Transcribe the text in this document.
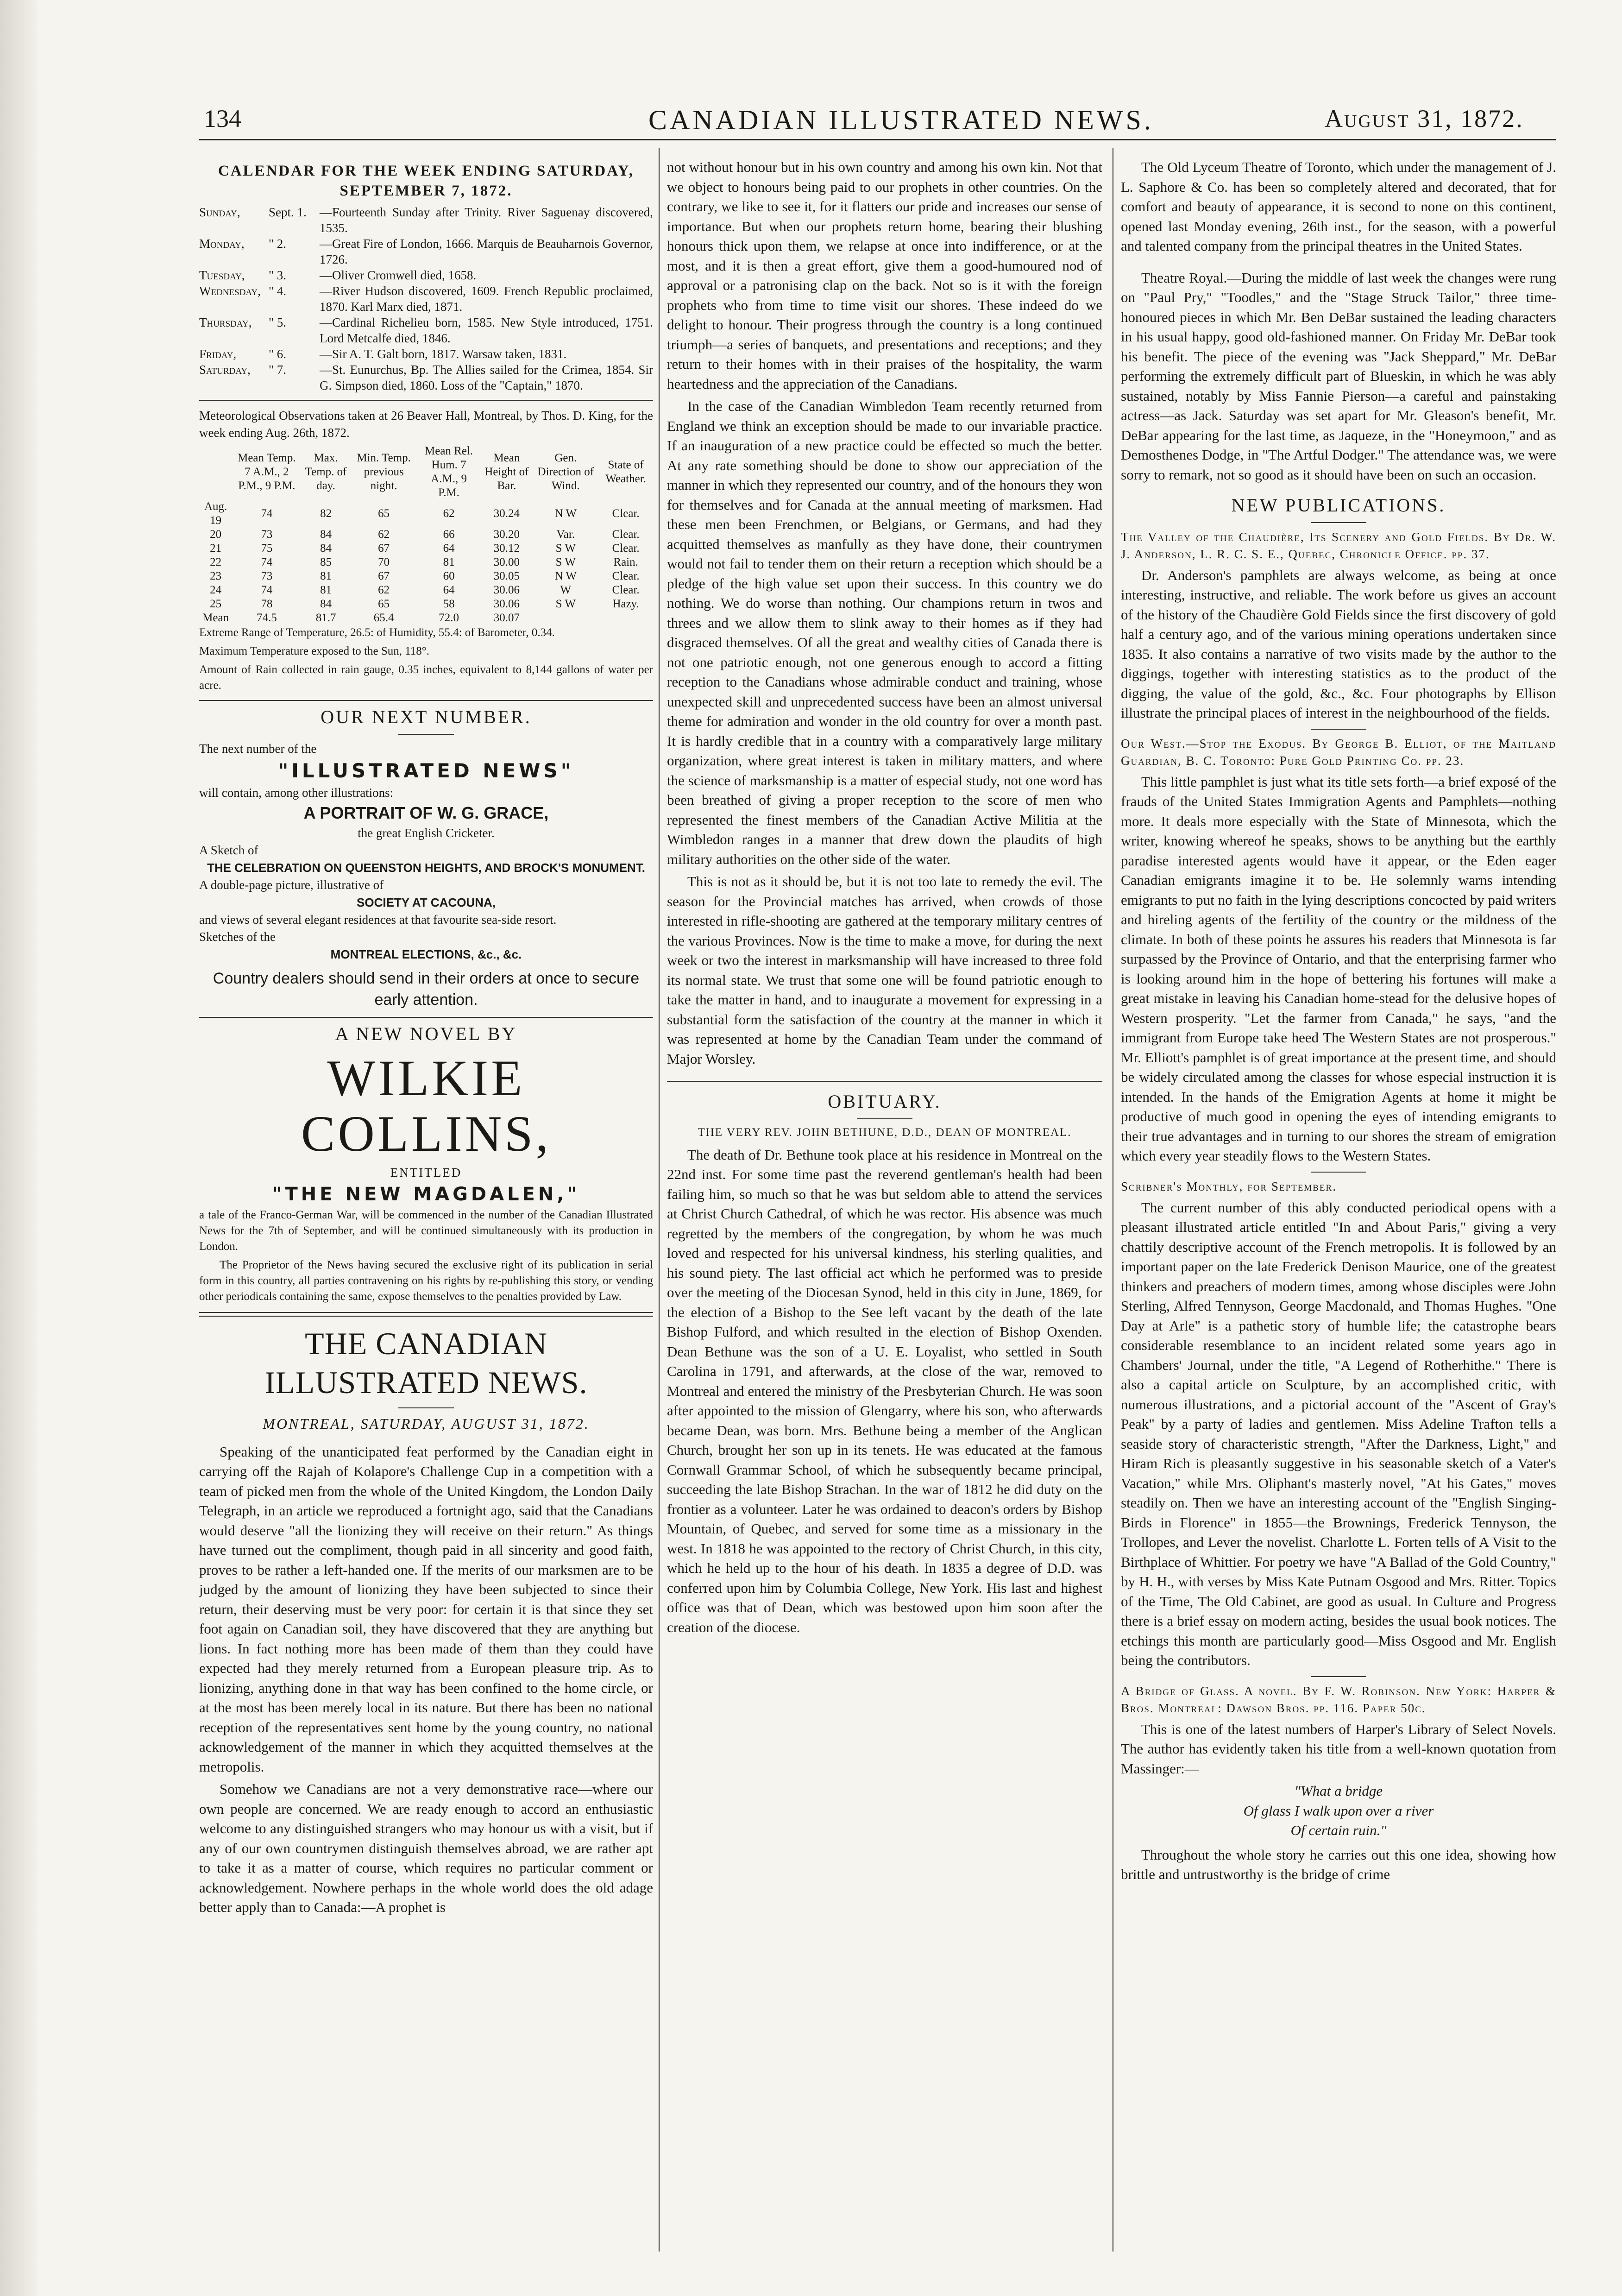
134	CANADIAN ILLUSTRATED NEWS.	August 31, 1872.
CALENDAR FOR THE WEEK ENDING SATURDAY, SEPTEMBER 7, 1872.
Sunday,	Sept. 1.	—Fourteenth Sunday after Trinity. River Saguenay discovered, 1535.
Monday,	" 2.	—Great Fire of London, 1666. Marquis de Beauharnois Governor, 1726.
Tuesday,	" 3.	—Oliver Cromwell died, 1658.
Wednesday, " 4.	—River Hudson discovered, 1609. French Republic proclaimed, 1870. Karl Marx died, 1871.
Thursday,	" 5.	—Cardinal Richelieu born, 1585. New Style introduced, 1751. Lord Metcalfe died, 1846.
Friday,	" 6.	—Sir A. T. Galt born, 1817. Warsaw taken, 1831.
Saturday,	" 7.	—St. Eunurchus, Bp. The Allies sailed for the Crimea, 1854. Sir G. Simpson died, 1860. Loss of the "Captain," 1870.

Meteorological Observations taken at 26 Beaver Hall, Montreal, by Thos. D. King, for the week ending Aug. 26th, 1872.

	Mean Temp. 7 A.M., 2 P.M., 9 P.M.	Max. Temp. of day.	Min. Temp. previous night.	Mean Rel. Hum. 7 A.M., 9 P.M.	Mean Height of Bar.	Gen. Direction of Wind.	State of Weather.
Aug. 19	74	82	65	62	30.24	N W	Clear.
20	73	84	62	66	30.20	Var.	Clear.
21	75	84	67	64	30.12	S W	Clear.
22	74	85	70	81	30.00	S W	Rain.
23	73	81	67	60	30.05	N W	Clear.
24	74	81	62	64	30.06	W	Clear.
25	78	84	65	58	30.06	S W	Hazy.
Mean	74.5	81.7	65.4	72.0	30.07		

Extreme Range of Temperature, 26.5: of Humidity, 55.4: of Barometer, 0.34.

Maximum Temperature exposed to the Sun, 118°.

Amount of Rain collected in rain gauge, 0.35 inches, equivalent to 8,144 gallons of water per acre.

OUR NEXT NUMBER.
The next number of the
"ILLUSTRATED NEWS"
will contain, among other illustrations:
A PORTRAIT OF W. G. GRACE,
the great English Cricketer.
A Sketch of
THE CELEBRATION ON QUEENSTON HEIGHTS, AND BROCK'S MONUMENT.
A double-page picture, illustrative of
SOCIETY AT CACOUNA,
and views of several elegant residences at that favourite sea-side resort.
Sketches of the
MONTREAL ELECTIONS, &c., &c.
Country dealers should send in their orders at once to secure early attention.
A NEW NOVEL BY
WILKIE COLLINS,
ENTITLED
"THE NEW MAGDALEN,"

a tale of the Franco-German War, will be commenced in the number of the Canadian Illustrated News for the 7th of September, and will be continued simultaneously with its production in London.

The Proprietor of the News having secured the exclusive right of its publication in serial form in this country, all parties contravening on his rights by re-publishing this story, or vending other periodicals containing the same, expose themselves to the penalties provided by Law.

THE CANADIAN ILLUSTRATED NEWS.
MONTREAL, SATURDAY, AUGUST 31, 1872.

Speaking of the unanticipated feat performed by the Canadian eight in carrying off the Rajah of Kolapore's Challenge Cup in a competition with a team of picked men from the whole of the United Kingdom, the London Daily Telegraph, in an article we reproduced a fortnight ago, said that the Canadians would deserve "all the lionizing they will receive on their return." As things have turned out the compliment, though paid in all sincerity and good faith, proves to be rather a left-handed one. If the merits of our marksmen are to be judged by the amount of lionizing they have been subjected to since their return, their deserving must be very poor: for certain it is that since they set foot again on Canadian soil, they have discovered that they are anything but lions. In fact nothing more has been made of them than they could have expected had they merely returned from a European pleasure trip. As to lionizing, anything done in that way has been confined to the home circle, or at the most has been merely local in its nature. But there has been no national reception of the representatives sent home by the young country, no national acknowledgement of the manner in which they acquitted themselves at the metropolis.

Somehow we Canadians are not a very demonstrative race—where our own people are concerned. We are ready enough to accord an enthusiastic welcome to any distinguished strangers who may honour us with a visit, but if any of our own countrymen distinguish themselves abroad, we are rather apt to take it as a matter of course, which requires no particular comment or acknowledgement. Nowhere perhaps in the whole world does the old adage better apply than to Canada:—A prophet is

not without honour but in his own country and among his own kin. Not that we object to honours being paid to our prophets in other countries. On the contrary, we like to see it, for it flatters our pride and increases our sense of importance. But when our prophets return home, bearing their blushing honours thick upon them, we relapse at once into indifference, or at the most, and it is then a great effort, give them a good-humoured nod of approval or a patronising clap on the back. Not so is it with the foreign prophets who from time to time visit our shores. These indeed do we delight to honour. Their progress through the country is a long continued triumph—a series of banquets, and presentations and receptions; and they return to their homes with in their praises of the hospitality, the warm heartedness and the appreciation of the Canadians.

In the case of the Canadian Wimbledon Team recently returned from England we think an exception should be made to our invariable practice. If an inauguration of a new practice could be effected so much the better. At any rate something should be done to show our appreciation of the manner in which they represented our country, and of the honours they won for themselves and for Canada at the annual meeting of marksmen. Had these men been Frenchmen, or Belgians, or Germans, and had they acquitted themselves as manfully as they have done, their countrymen would not fail to tender them on their return a reception which should be a pledge of the high value set upon their success. In this country we do nothing. We do worse than nothing. Our champions return in twos and threes and we allow them to slink away to their homes as if they had disgraced themselves. Of all the great and wealthy cities of Canada there is not one patriotic enough, not one generous enough to accord a fitting reception to the Canadians whose admirable conduct and training, whose unexpected skill and unprecedented success have been an almost universal theme for admiration and wonder in the old country for over a month past. It is hardly credible that in a country with a comparatively large military organization, where great interest is taken in military matters, and where the science of marksmanship is a matter of especial study, not one word has been breathed of giving a proper reception to the score of men who represented the finest members of the Canadian Active Militia at the Wimbledon ranges in a manner that drew down the plaudits of high military authorities on the other side of the water.

This is not as it should be, but it is not too late to remedy the evil. The season for the Provincial matches has arrived, when crowds of those interested in rifle-shooting are gathered at the temporary military centres of the various Provinces. Now is the time to make a move, for during the next week or two the interest in marksmanship will have increased to three fold its normal state. We trust that some one will be found patriotic enough to take the matter in hand, and to inaugurate a movement for expressing in a substantial form the satisfaction of the country at the manner in which it was represented at home by the Canadian Team under the command of Major Worsley.

OBITUARY.
THE VERY REV. JOHN BETHUNE, D.D., DEAN OF MONTREAL.

The death of Dr. Bethune took place at his residence in Montreal on the 22nd inst. For some time past the reverend gentleman's health had been failing him, so much so that he was but seldom able to attend the services at Christ Church Cathedral, of which he was rector. His absence was much regretted by the members of the congregation, by whom he was much loved and respected for his universal kindness, his sterling qualities, and his sound piety. The last official act which he performed was to preside over the meeting of the Diocesan Synod, held in this city in June, 1869, for the election of a Bishop to the See left vacant by the death of the late Bishop Fulford, and which resulted in the election of Bishop Oxenden. Dean Bethune was the son of a U. E. Loyalist, who settled in South Carolina in 1791, and afterwards, at the close of the war, removed to Montreal and entered the ministry of the Presbyterian Church. He was soon after appointed to the mission of Glengarry, where his son, who afterwards became Dean, was born. Mrs. Bethune being a member of the Anglican Church, brought her son up in its tenets. He was educated at the famous Cornwall Grammar School, of which he subsequently became principal, succeeding the late Bishop Strachan. In the war of 1812 he did duty on the frontier as a volunteer. Later he was ordained to deacon's orders by Bishop Mountain, of Quebec, and served for some time as a missionary in the west. In 1818 he was appointed to the rectory of Christ Church, in this city, which he held up to the hour of his death. In 1835 a degree of D.D. was conferred upon him by Columbia College, New York. His last and highest office was that of Dean, which was bestowed upon him soon after the creation of the diocese.

The Old Lyceum Theatre of Toronto, which under the management of J. L. Saphore & Co. has been so completely altered and decorated, that for comfort and beauty of appearance, it is second to none on this continent, opened last Monday evening, 26th inst., for the season, with a powerful and talented company from the principal theatres in the United States.

Theatre Royal.—During the middle of last week the changes were rung on "Paul Pry," "Toodles," and the "Stage Struck Tailor," three time-honoured pieces in which Mr. Ben DeBar sustained the leading characters in his usual happy, good old-fashioned manner. On Friday Mr. DeBar took his benefit. The piece of the evening was "Jack Sheppard," Mr. DeBar performing the extremely difficult part of Blueskin, in which he was ably sustained, notably by Miss Fannie Pierson—a careful and painstaking actress—as Jack. Saturday was set apart for Mr. Gleason's benefit, Mr. DeBar appearing for the last time, as Jaqueze, in the "Honeymoon," and as Demosthenes Dodge, in "The Artful Dodger." The attendance was, we were sorry to remark, not so good as it should have been on such an occasion.

NEW PUBLICATIONS.

The Valley of the Chaudière, Its Scenery and Gold Fields. By Dr. W. J. Anderson, L. R. C. S. E., Quebec, Chronicle Office. pp. 37.

Dr. Anderson's pamphlets are always welcome, as being at once interesting, instructive, and reliable. The work before us gives an account of the history of the Chaudière Gold Fields since the first discovery of gold half a century ago, and of the various mining operations undertaken since 1835. It also contains a narrative of two visits made by the author to the diggings, together with interesting statistics as to the product of the digging, the value of the gold, &c., &c. Four photographs by Ellison illustrate the principal places of interest in the neighbourhood of the fields.

Our West.—Stop the Exodus. By George B. Elliot, of the Maitland Guardian, B. C. Toronto: Pure Gold Printing Co. pp. 23.

This little pamphlet is just what its title sets forth—a brief exposé of the frauds of the United States Immigration Agents and Pamphlets—nothing more. It deals more especially with the State of Minnesota, which the writer, knowing whereof he speaks, shows to be anything but the earthly paradise interested agents would have it appear, or the Eden eager Canadian emigrants imagine it to be. He solemnly warns intending emigrants to put no faith in the lying descriptions concocted by paid writers and hireling agents of the fertility of the country or the mildness of the climate. In both of these points he assures his readers that Minnesota is far surpassed by the Province of Ontario, and that the enterprising farmer who is looking around him in the hope of bettering his fortunes will make a great mistake in leaving his Canadian home-stead for the delusive hopes of Western prosperity. "Let the farmer from Canada," he says, "and the immigrant from Europe take heed The Western States are not prosperous." Mr. Elliott's pamphlet is of great importance at the present time, and should be widely circulated among the classes for whose especial instruction it is intended. In the hands of the Emigration Agents at home it might be productive of much good in opening the eyes of intending emigrants to their true advantages and in turning to our shores the stream of emigration which every year steadily flows to the Western States.

Scribner's Monthly, for September.

The current number of this ably conducted periodical opens with a pleasant illustrated article entitled "In and About Paris," giving a very chattily descriptive account of the French metropolis. It is followed by an important paper on the late Frederick Denison Maurice, one of the greatest thinkers and preachers of modern times, among whose disciples were John Sterling, Alfred Tennyson, George Macdonald, and Thomas Hughes. "One Day at Arle" is a pathetic story of humble life; the catastrophe bears considerable resemblance to an incident related some years ago in Chambers' Journal, under the title, "A Legend of Rotherhithe." There is also a capital article on Sculpture, by an accomplished critic, with numerous illustrations, and a pictorial account of the "Ascent of Gray's Peak" by a party of ladies and gentlemen. Miss Adeline Trafton tells a seaside story of characteristic strength, "After the Darkness, Light," and Hiram Rich is pleasantly suggestive in his seasonable sketch of a Vater's Vacation," while Mrs. Oliphant's masterly novel, "At his Gates," moves steadily on. Then we have an interesting account of the "English Singing-Birds in Florence" in 1855—the Brownings, Frederick Tennyson, the Trollopes, and Lever the novelist. Charlotte L. Forten tells of A Visit to the Birthplace of Whittier. For poetry we have "A Ballad of the Gold Country," by H. H., with verses by Miss Kate Putnam Osgood and Mrs. Ritter. Topics of the Time, The Old Cabinet, are good as usual. In Culture and Progress there is a brief essay on modern acting, besides the usual book notices. The etchings this month are particularly good—Miss Osgood and Mr. English being the contributors.

A Bridge of Glass. A novel. By F. W. Robinson. New York: Harper & Bros. Montreal: Dawson Bros. pp. 116. Paper 50c.

This is one of the latest numbers of Harper's Library of Select Novels. The author has evidently taken his title from a well-known quotation from Massinger:—

"What a bridge
Of glass I walk upon over a river
Of certain ruin."

Throughout the whole story he carries out this one idea, showing how brittle and untrustworthy is the bridge of crime
